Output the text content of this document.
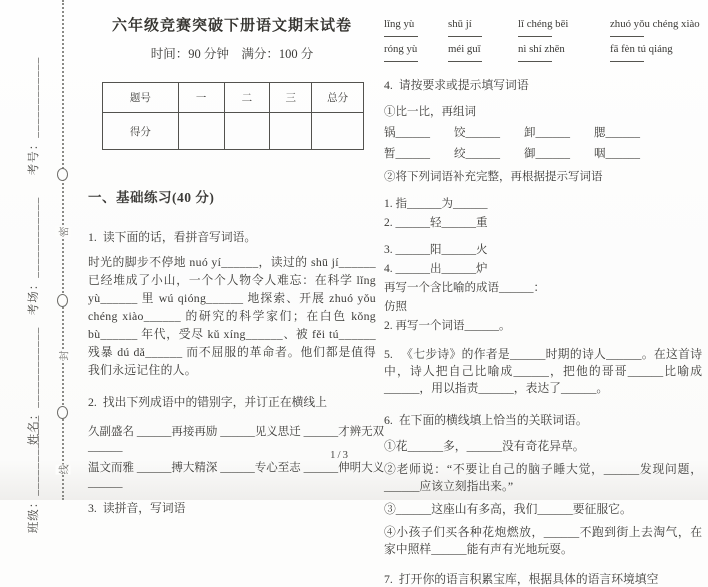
密
封
线
考号：____________
考场：____________
姓名：____________
班级：____________
六年级竞赛突破下册语文期末试卷
时间：90 分钟　满分：100 分
题号	一	二	三	总分
得分				
一、基础练习(40 分)
1. 读下面的话，看拼音写词语。
时光的脚步不停地 nuó yí______，读过的 shū jí______ 已经堆成了小山，一个个人物令人难忘：在科学 lǐng yù______ 里 wú qióng______ 地探索、开展 zhuó yǒu chéng xiào______ 的研究的科学家们；在白色 kǒng bù______ 年代，受尽 kǔ xíng______、被 fěi tú______ 残暴 dú dǎ______ 而不屈服的革命者。他们都是值得我们永远记住的人。
2. 找出下列成语中的错别字，并订正在横线上
久副盛名 ______ 再接再励 ______ 见义思迁 ______ 才辨无双
______
温文而雅 ______ 搏大精深 ______ 专心至志 ______ 伸明大义
______
3. 读拼音，写词语
lǐng yù	shū jí	lǐ chéng bēi	zhuó yǒu chéng xiào
róng yù	méi guī	nì shí zhēn	fā fèn tú qiáng
4. 请按要求或提示填写词语
①比一比，再组词
锅______ 饺______ 卸______ 腮______
暂______ 绞______ 御______ 咽______
②将下列词语补充完整，再根据提示写词语
1. 指______为______
2. ______轻______重
3. ______阳______火
4. ______出______炉
再写一个含比喻的成语______：
仿照
2. 再写一个词语______。
5. 《七步诗》的作者是______时期的诗人______。在这首诗中，诗人把自己比喻成______，把他的哥哥______比喻成______，用以指责______，表达了______。
6. 在下面的横线填上恰当的关联词语。
①花______多，______没有奇花异草。
②老师说：“不要让自己的脑子睡大觉，______发现问题，______应该立刻指出来。”
③______这座山有多高，我们______要征服它。
④小孩子们买各种花炮燃放，______不跑到街上去淘气，在家中照样______能有声有光地玩耍。
7. 打开你的语言积累宝库，根据具体的语言环境填空
1/3
